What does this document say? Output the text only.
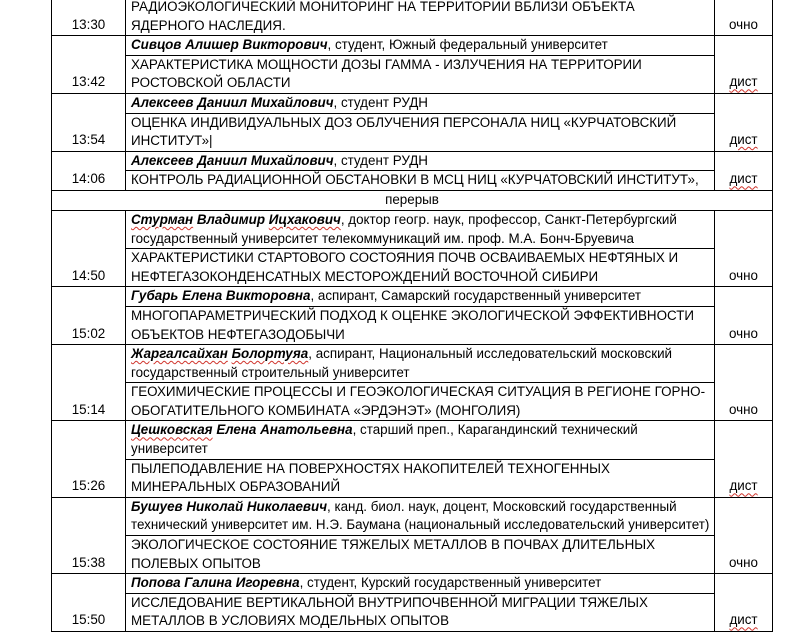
13:30	РАДИОЭКОЛОГИЧЕСКИЙ МОНИТОРИНГ НА ТЕРРИТОРИИ ВБЛИЗИ ОБЪЕКТА ЯДЕРНОГО НАСЛЕДИЯ.	очно
13:42	Сивцов Алишер Викторович, студент, Южный федеральный университет
ХАРАКТЕРИСТИКА МОЩНОСТИ ДОЗЫ ГАММА - ИЗЛУЧЕНИЯ НА ТЕРРИТОРИИ РОСТОВСКОЙ ОБЛАСТИ	дист
13:54	Алексеев Даниил Михайлович, студент РУДН
ОЦЕНКА ИНДИВИДУАЛЬНЫХ ДОЗ ОБЛУЧЕНИЯ ПЕРСОНАЛА НИЦ «КУРЧАТОВСКИЙ ИНСТИТУТ»|	дист
14:06	Алексеев Даниил Михайлович, студент РУДН
КОНТРОЛЬ РАДИАЦИОННОЙ ОБСТАНОВКИ В МСЦ НИЦ «КУРЧАТОВСКИЙ ИНСТИТУТ»,	дист
перерыв		
14:50	Стурман Владимир Ицхакович, доктор геогр. наук, профессор, Санкт-Петербургский государственный университет телекоммуникаций им. проф. М.А. Бонч-Бруевича
ХАРАКТЕРИСТИКИ СТАРТОВОГО СОСТОЯНИЯ ПОЧВ ОСВАИВАЕМЫХ НЕФТЯНЫХ И НЕФТЕГАЗОКОНДЕНСАТНЫХ МЕСТОРОЖДЕНИЙ ВОСТОЧНОЙ СИБИРИ	очно
15:02	Губарь Елена Викторовна, аспирант, Самарский государственный университет
МНОГОПАРАМЕТРИЧЕСКИЙ ПОДХОД К ОЦЕНКЕ ЭКОЛОГИЧЕСКОЙ ЭФФЕКТИВНОСТИ ОБЪЕКТОВ НЕФТЕГАЗОДОБЫЧИ	очно
15:14	Жаргалсайхан Болортуяа, аспирант, Национальный исследовательский московский государственный строительный университет
ГЕОХИМИЧЕСКИЕ ПРОЦЕССЫ И ГЕОЭКОЛОГИЧЕСКАЯ СИТУАЦИЯ В РЕГИОНЕ ГОРНО-ОБОГАТИТЕЛЬНОГО КОМБИНАТА «ЭРДЭНЭТ» (МОНГОЛИЯ)	очно
15:26	Цешковская Елена Анатольевна, старший преп., Карагандинский технический университет
ПЫЛЕПОДАВЛЕНИЕ НА ПОВЕРХНОСТЯХ НАКОПИТЕЛЕЙ ТЕХНОГЕННЫХ МИНЕРАЛЬНЫХ ОБРАЗОВАНИЙ	дист
15:38	Бушуев Николай Николаевич, канд. биол. наук, доцент, Московский государственный технический университет им. Н.Э. Баумана (национальный исследовательский университет)
ЭКОЛОГИЧЕСКОЕ СОСТОЯНИЕ ТЯЖЕЛЫХ МЕТАЛЛОВ В ПОЧВАХ ДЛИТЕЛЬНЫХ ПОЛЕВЫХ ОПЫТОВ	очно
15:50	Попова Галина Игоревна, студент, Курский государственный университет
ИССЛЕДОВАНИЕ ВЕРТИКАЛЬНОЙ ВНУТРИПОЧВЕННОЙ МИГРАЦИИ ТЯЖЕЛЫХ МЕТАЛЛОВ В УСЛОВИЯХ МОДЕЛЬНЫХ ОПЫТОВ	дист
